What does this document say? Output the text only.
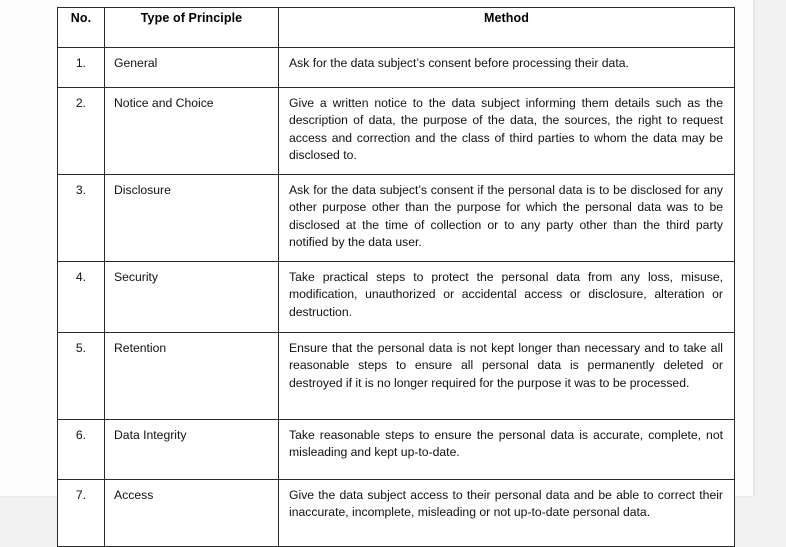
No.	Type of Principle	Method
1.	General	Ask for the data subject’s consent before processing their data.
2.	Notice and Choice	Give a written notice to the data subject informing them details such as the description of data, the purpose of the data, the sources, the right to request access and correction and the class of third parties to whom the data may be disclosed to.
3.	Disclosure	Ask for the data subject’s consent if the personal data is to be disclosed for any other purpose other than the purpose for which the personal data was to be disclosed at the time of collection or to any party other than the third party notified by the data user.
4.	Security	Take practical steps to protect the personal data from any loss, misuse, modification, unauthorized or accidental access or disclosure, alteration or destruction.
5.	Retention	Ensure that the personal data is not kept longer than necessary and to take all reasonable steps to ensure all personal data is permanently deleted or destroyed if it is no longer required for the purpose it was to be processed.
6.	Data Integrity	Take reasonable steps to ensure the personal data is accurate, complete, not misleading and kept up-to-date.
7.	Access	Give the data subject access to their personal data and be able to correct their inaccurate, incomplete, misleading or not up-to-date personal data.
